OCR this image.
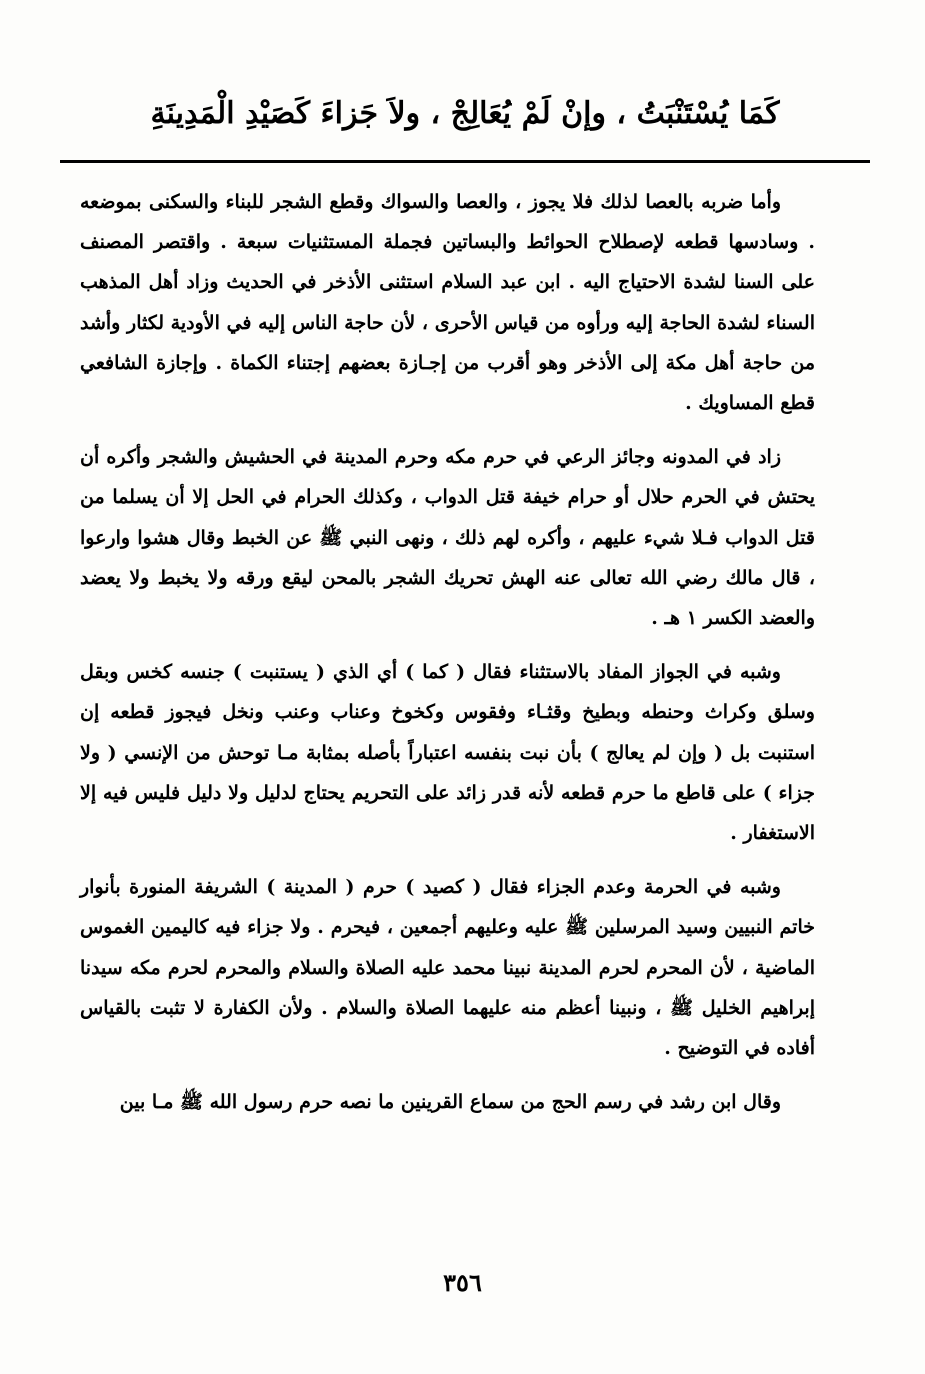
كَمَا يُسْتَنْبَتُ ، وإنْ لَمْ يُعَالِجْ ، ولاَ جَزاءَ كَصَيْدِ الْمَدِينَةِ

وأما ضربه بالعصا لذلك فلا يجوز ، والعصا والسواك وقطع الشجر للبناء والسكنى بموضعه . وسادسها قطعه لإصطلاح الحوائط والبساتين فجملة المستثنيات سبعة . واقتصر المصنف على السنا لشدة الاحتياج اليه . ابن عبد السلام استثنى الأذخر في الحديث وزاد أهل المذهب السناء لشدة الحاجة إليه ورأوه من قياس الأحرى ، لأن حاجة الناس إليه في الأودية لكثار وأشد من حاجة أهل مكة إلى الأذخر وهو أقرب من إجـازة بعضهم إجتناء الكماة . وإجازة الشافعي قطع المساويك .

زاد في المدونه وجائز الرعي في حرم مكه وحرم المدينة في الحشيش والشجر وأكره أن يحتش في الحرم حلال أو حرام خيفة قتل الدواب ، وكذلك الحرام في الحل إلا أن يسلما من قتل الدواب فـلا شيء عليهم ، وأكره لهم ذلك ، ونهى النبي ﷺ عن الخبط وقال هشوا وارعوا ، قال مالك رضي الله تعالى عنه الهش تحريك الشجر بالمحن ليقع ورقه ولا يخبط ولا يعضد والعضد الكسر ١ هـ .

وشبه في الجواز المفاد بالاستثناء فقال ( كما ) أي الذي ( يستنبت ) جنسه كخس وبقل وسلق وكراث وحنطه وبطيخ وقثـاء وفقوس وكخوخ وعناب وعنب ونخل فيجوز قطعه إن استنبت بل ( وإن لم يعالج ) بأن نبت بنفسه اعتباراً بأصله بمثابة مـا توحش من الإنسي ( ولا جزاء ) على قاطع ما حرم قطعه لأنه قدر زائد على التحريم يحتاج لدليل ولا دليل فليس فيه إلا الاستغفار .

وشبه في الحرمة وعدم الجزاء فقال ( كصيد ) حرم ( المدينة ) الشريفة المنورة بأنوار خاتم النبيين وسيد المرسلين ﷺ عليه وعليهم أجمعين ، فيحرم . ولا جزاء فيه كاليمين الغموس الماضية ، لأن المحرم لحرم المدينة نبينا محمد عليه الصلاة والسلام والمحرم لحرم مكه سيدنا إبراهيم الخليل ﷺ ، ونبينا أعظم منه عليهما الصلاة والسلام . ولأن الكفارة لا تثبت بالقياس أفاده في التوضيح .

وقال ابن رشد في رسم الحج من سماع القرينين ما نصه حرم رسول الله ﷺ مـا بين

٣٥٦
